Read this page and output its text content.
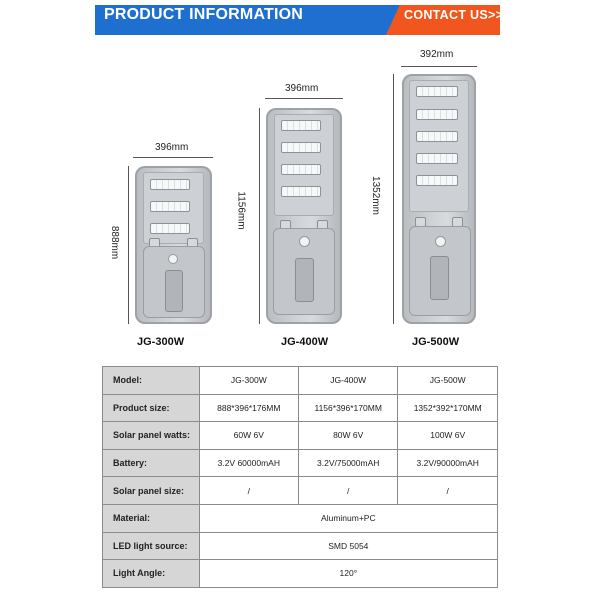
PRODUCT INFORMATION	CONTACT US>>
396mm
888mm
JG-300W
396mm
1156mm
JG-400W
392mm
1352mm
JG-500W
Model:	JG-300W	JG-400W	JG-500W
Product size:	888*396*176MM	1156*396*170MM	1352*392*170MM
Solar panel watts:	60W 6V	80W 6V	100W 6V
Battery:	3.2V 60000mAH	3.2V/75000mAH	3.2V/90000mAH
Solar panel size:	/	/	/
Material:	Aluminum+PC		
LED light source:	SMD 5054		
Light Angle:	120°		
